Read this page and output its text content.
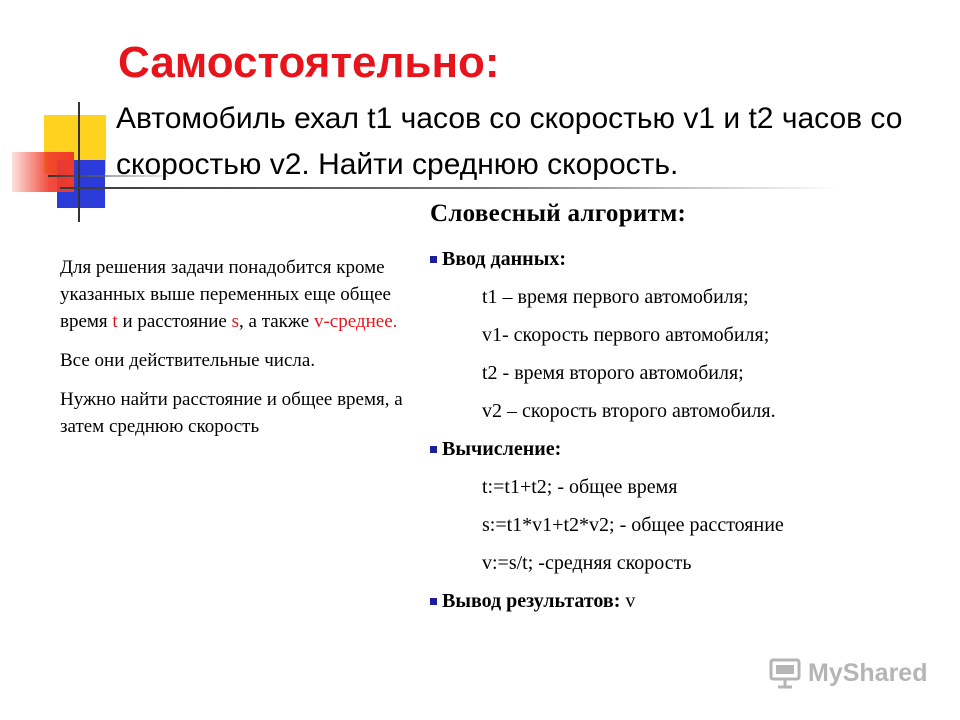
Самостоятельно:

Автомобиль ехал t1 часов со скоростью v1 и t2 часов со скоростью v2. Найти среднюю скорость.

Для решения задачи понадобится кроме указанных выше переменных еще общее время t и расстояние s, а также v-среднее.

Все они действительные числа.

Нужно найти расстояние и общее время, а затем среднюю скорость

Словесный алгоритм:

Ввод данных:

t1 – время первого автомобиля;

v1- скорость первого автомобиля;

t2 - время второго автомобиля;

v2 – скорость второго автомобиля.

Вычисление:

t:=t1+t2; - общее время

s:=t1*v1+t2*v2; - общее расстояние

v:=s/t; -средняя скорость

Вывод результатов: v

MyShared
